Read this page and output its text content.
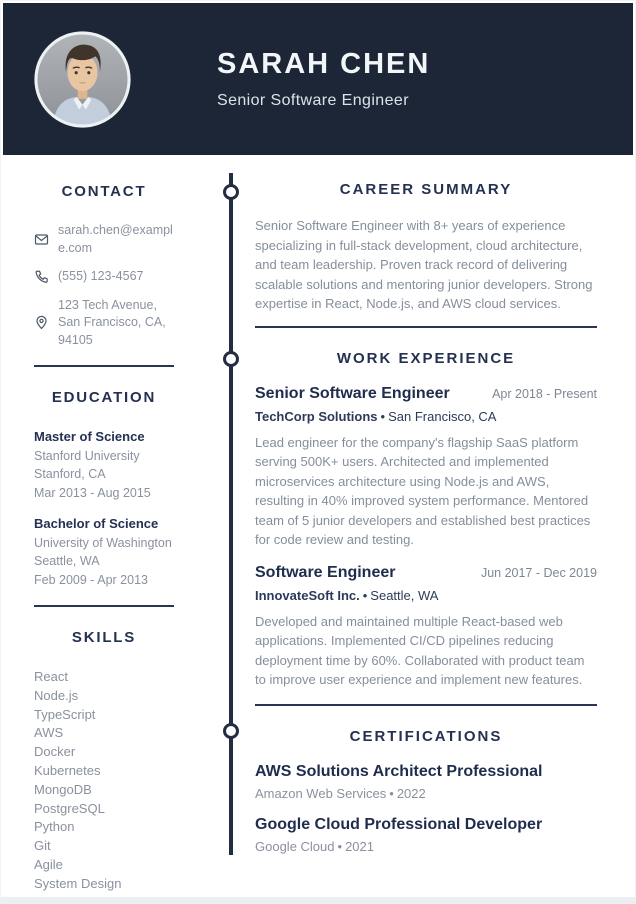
SARAH CHEN
Senior Software Engineer
CONTACT
sarah.chen@example.com
(555) 123-4567
123 Tech Avenue, San Francisco, CA, 94105
EDUCATION
Master of Science
Stanford University
Stanford, CA
Mar 2013 - Aug 2015
Bachelor of Science
University of Washington
Seattle, WA
Feb 2009 - Apr 2013
SKILLS
React
Node.js
TypeScript
AWS
Docker
Kubernetes
MongoDB
PostgreSQL
Python
Git
Agile
System Design
CAREER SUMMARY

Senior Software Engineer with 8+ years of experience specializing in full-stack development, cloud architecture, and team leadership. Proven track record of delivering scalable solutions and mentoring junior developers. Strong expertise in React, Node.js, and AWS cloud services.

WORK EXPERIENCE
Senior Software Engineer	Apr 2018 - Present
TechCorp Solutions • San Francisco, CA
Lead engineer for the company's flagship SaaS platform serving 500K+ users. Architected and implemented microservices architecture using Node.js and AWS, resulting in 40% improved system performance. Mentored team of 5 junior developers and established best practices for code review and testing.
Software Engineer	Jun 2017 - Dec 2019
InnovateSoft Inc. • Seattle, WA
Developed and maintained multiple React-based web applications. Implemented CI/CD pipelines reducing deployment time by 60%. Collaborated with product team to improve user experience and implement new features.
CERTIFICATIONS
AWS Solutions Architect Professional
Amazon Web Services • 2022
Google Cloud Professional Developer
Google Cloud • 2021
